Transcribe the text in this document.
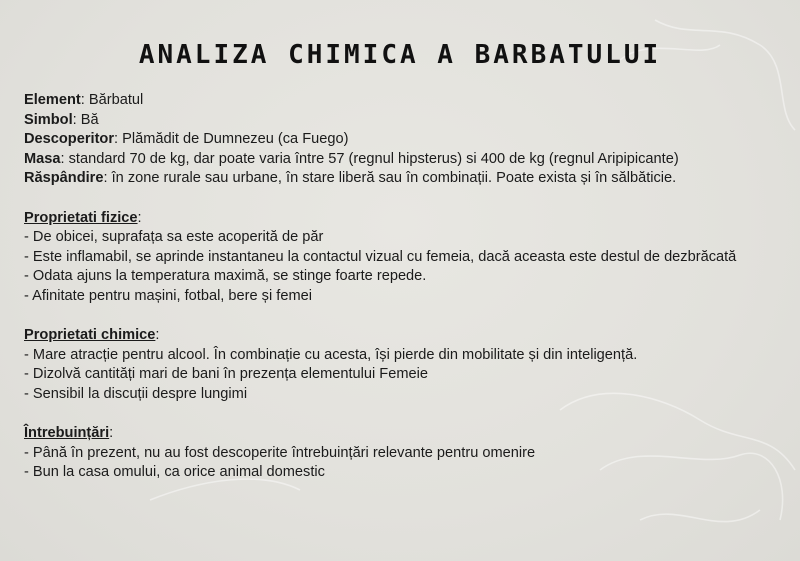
ANALIZA CHIMICA A BARBATULUI

Element: Bărbatul

Simbol: Bă

Descoperitor: Plămădit de Dumnezeu (ca Fuego)

Masa: standard 70 de kg, dar poate varia între 57 (regnul hipsterus) si 400 de kg (regnul Aripipicante)

Răspândire: în zone rurale sau urbane, în stare liberă sau în combinații. Poate exista și în sălbăticie.

Proprietati fizice:

- De obicei, suprafața sa este acoperită de păr
- Este inflamabil, se aprinde instantaneu la contactul vizual cu femeia, dacă aceasta este destul de dezbrăcată
- Odata ajuns la temperatura maximă, se stinge foarte repede.
- Afinitate pentru mașini, fotbal, bere și femei

Proprietati chimice:

- Mare atracție pentru alcool. În combinație cu acesta, își pierde din mobilitate și din inteligență.
- Dizolvă cantități mari de bani în prezența elementului Femeie
- Sensibil la discuții despre lungimi

Întrebuințări:

- Până în prezent, nu au fost descoperite întrebuințări relevante pentru omenire
- Bun la casa omului, ca orice animal domestic
